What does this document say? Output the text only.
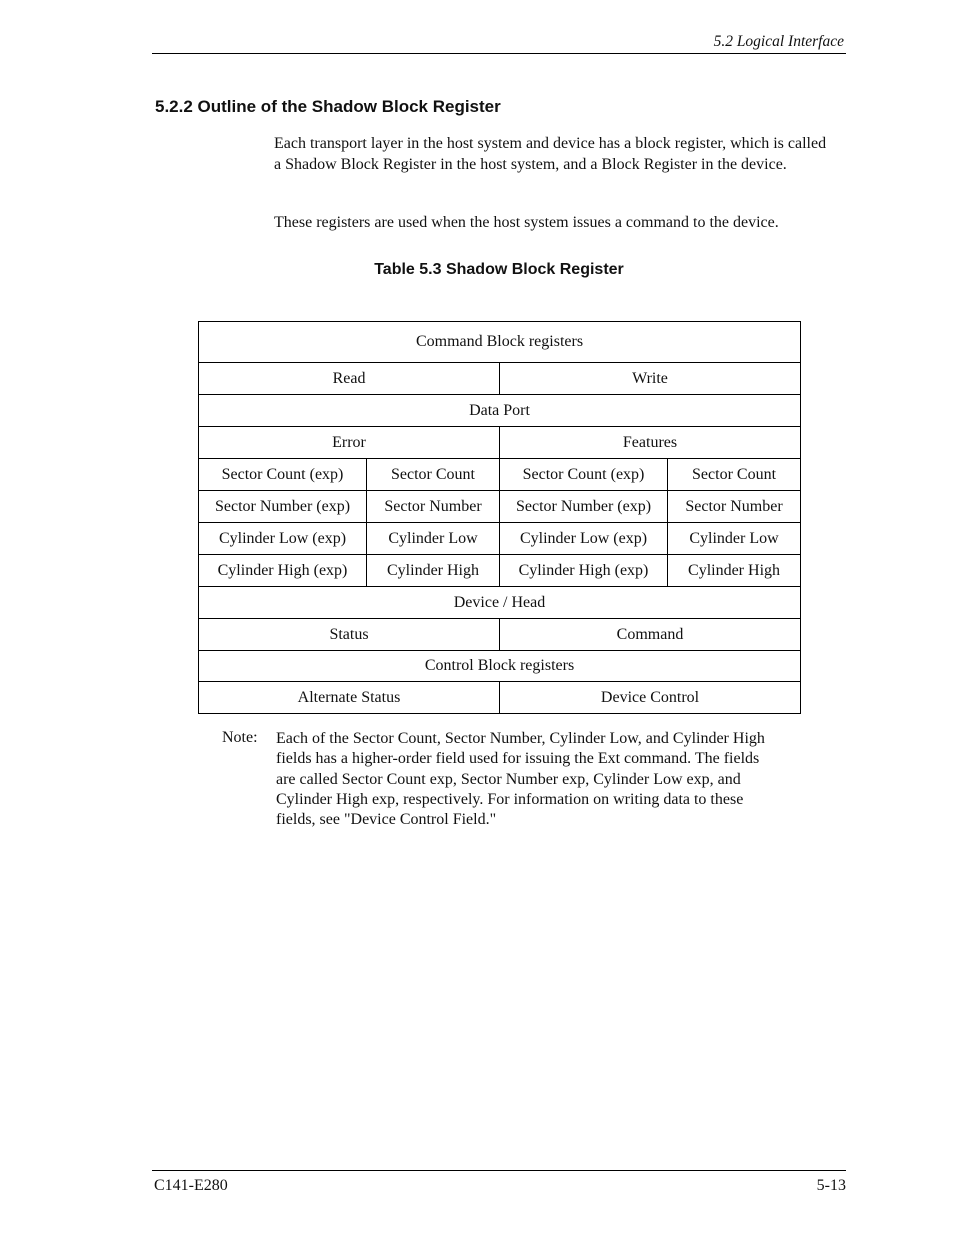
5.2 Logical Interface
5.2.2 Outline of the Shadow Block Register

Each transport layer in the host system and device has a block register, which is called a Shadow Block Register in the host system, and a Block Register in the device.

These registers are used when the host system issues a command to the device.

Table 5.3 Shadow Block Register
Command Block registers			
Read		Write	
Data Port			
Error		Features	
Sector Count (exp)	Sector Count	Sector Count (exp)	Sector Count
Sector Number (exp)	Sector Number	Sector Number (exp)	Sector Number
Cylinder Low (exp)	Cylinder Low	Cylinder Low (exp)	Cylinder Low
Cylinder High (exp)	Cylinder High	Cylinder High (exp)	Cylinder High
Device / Head			
Status		Command	
Control Block registers			
Alternate Status		Device Control	
Note: Each of the Sector Count, Sector Number, Cylinder Low, and Cylinder High fields has a higher-order field used for issuing the Ext command. The fields are called Sector Count exp, Sector Number exp, Cylinder Low exp, and Cylinder High exp, respectively. For information on writing data to these fields, see "Device Control Field."

C141-E280	5-13
